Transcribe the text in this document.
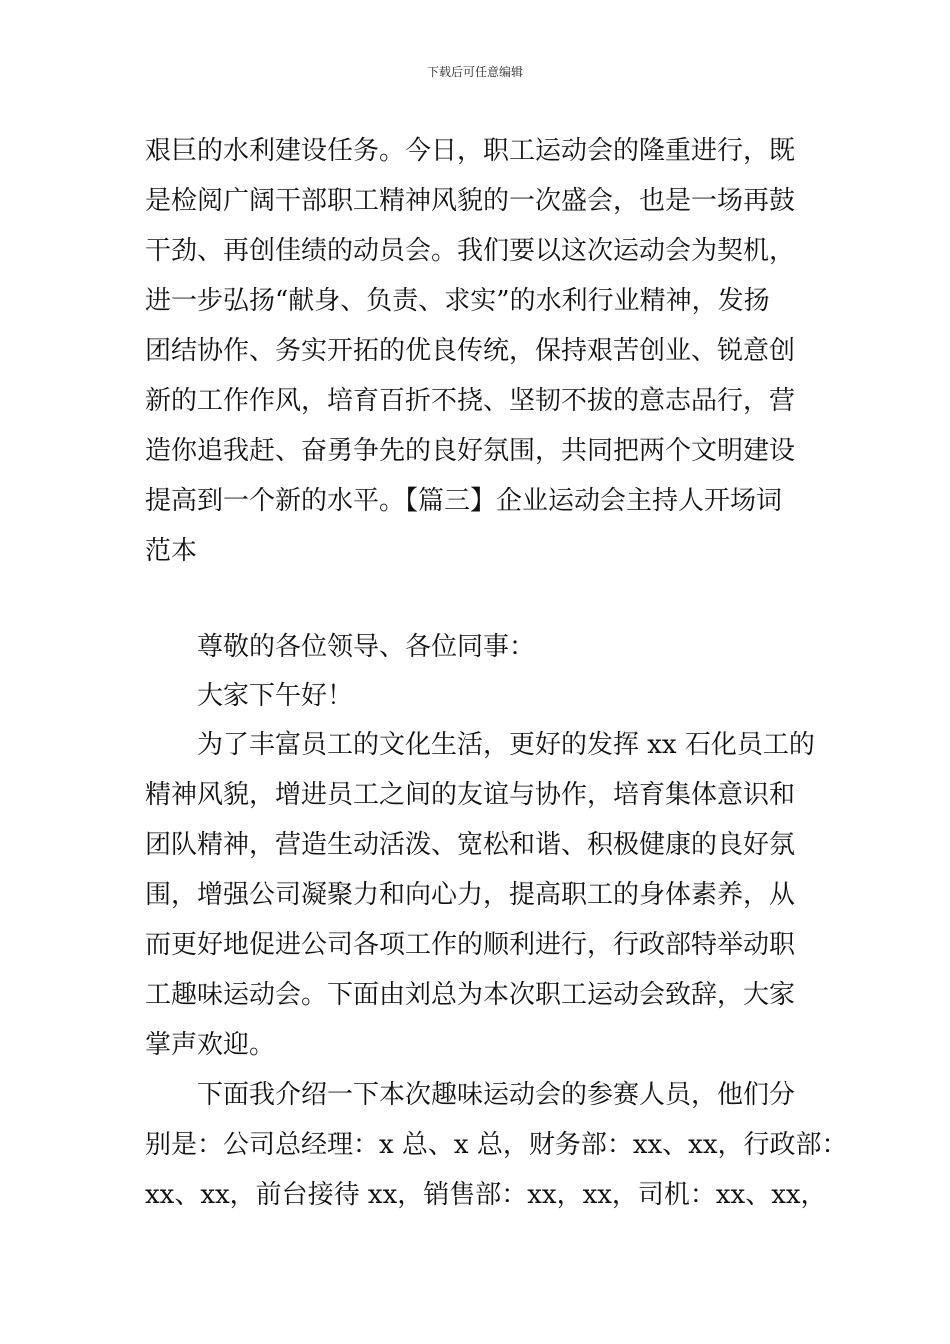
下载后可任意编辑
艰巨的水利建设任务。今日，职工运动会的隆重进行，既
是检阅广阔干部职工精神风貌的一次盛会，也是一场再鼓
干劲、再创佳绩的动员会。我们要以这次运动会为契机，
进一步弘扬“献身、负责、求实”的水利行业精神，发扬
团结协作、务实开拓的优良传统，保持艰苦创业、锐意创
新的工作作风，培育百折不挠、坚韧不拔的意志品行，营
造你追我赶、奋勇争先的良好氛围，共同把两个文明建设
提高到一个新的水平。【篇三】企业运动会主持人开场词
范本
尊敬的各位领导、各位同事：
大家下午好！
为了丰富员工的文化生活，更好的发挥 xx 石化员工的
精神风貌，增进员工之间的友谊与协作，培育集体意识和
团队精神，营造生动活泼、宽松和谐、积极健康的良好氛
围，增强公司凝聚力和向心力，提高职工的身体素养，从
而更好地促进公司各项工作的顺利进行，行政部特举动职
工趣味运动会。下面由刘总为本次职工运动会致辞，大家
掌声欢迎。
下面我介绍一下本次趣味运动会的参赛人员，他们分
别是：公司总经理：x 总、x 总，财务部：xx、xx，行政部：
xx、xx，前台接待 xx，销售部：xx，xx，司机：xx、xx，
